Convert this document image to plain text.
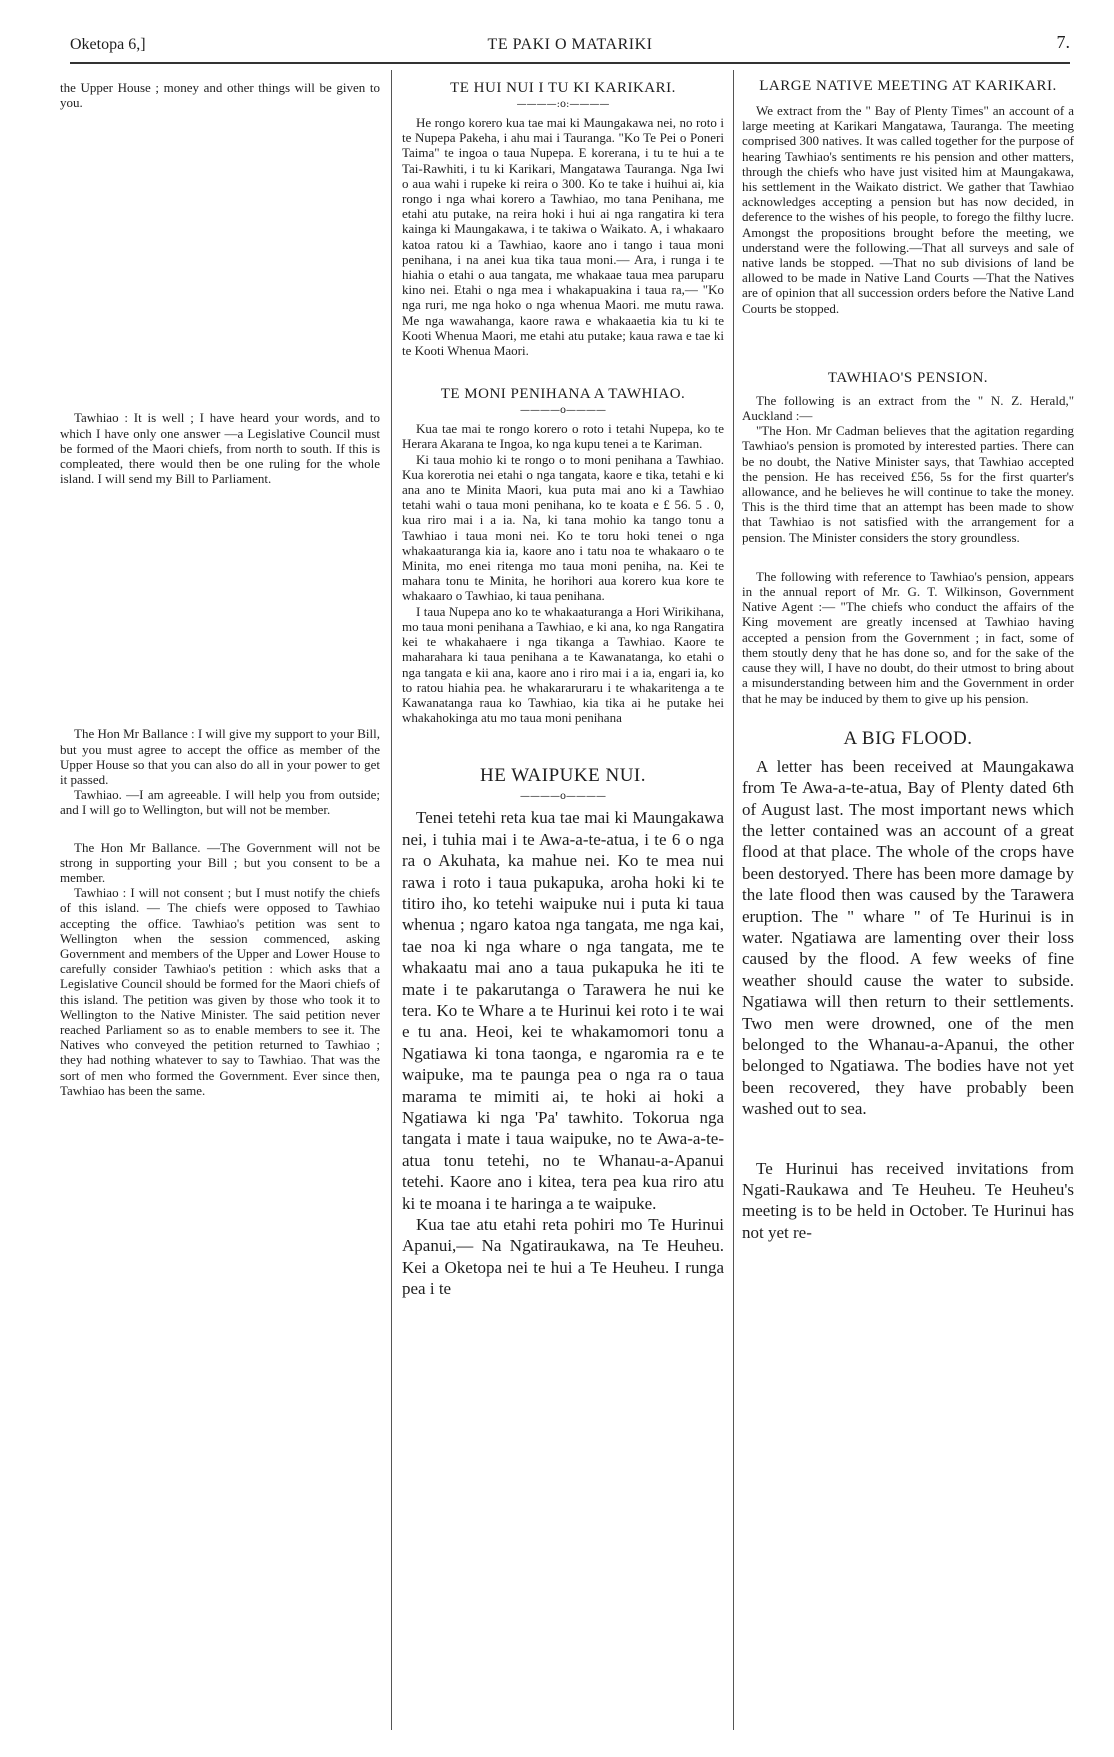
Oketopa 6,]	TE PAKI O MATARIKI	7.

the Upper House ; money and other things will be given to you.

Tawhiao : It is well ; I have heard your words, and to which I have only one answer —a Legislative Council must be formed of the Maori chiefs, from north to south. If this is compleated, there would then be one ruling for the whole island. I will send my Bill to Parliament.

The Hon Mr Ballance : I will give my support to your Bill, but you must agree to accept the office as member of the Upper House so that you can also do all in your power to get it passed.

Tawhiao. —I am agreeable. I will help you from outside; and I will go to Wellington, but will not be member.

The Hon Mr Ballance. —The Government will not be strong in supporting your Bill ; but you consent to be a member.

Tawhiao : I will not consent ; but I must notify the chiefs of this island. — The chiefs were opposed to Tawhiao accepting the office. Tawhiao's petition was sent to Wellington when the session commenced, asking Government and members of the Upper and Lower House to carefully consider Tawhiao's petition : which asks that a Legislative Council should be formed for the Maori chiefs of this island. The petition was given by those who took it to Wellington to the Native Minister. The said petition never reached Parliament so as to enable members to see it. The Natives who conveyed the petition returned to Tawhiao ; they had nothing whatever to say to Tawhiao. That was the sort of men who formed the Government. Ever since then, Tawhiao has been the same.

TE HUI NUI I TU KI KARIKARI.
————:o:————

He rongo korero kua tae mai ki Maungakawa nei, no roto i te Nupepa Pakeha, i ahu mai i Tauranga. "Ko Te Pei o Poneri Taima" te ingoa o taua Nupepa. E korerana, i tu te hui a te Tai-Rawhiti, i tu ki Karikari, Mangatawa Tauranga. Nga Iwi o aua wahi i rupeke ki reira o 300. Ko te take i huihui ai, kia rongo i nga whai korero a Tawhiao, mo tana Penihana, me etahi atu putake, na reira hoki i hui ai nga rangatira ki tera kainga ki Maungakawa, i te takiwa o Waikato. A, i whakaaro katoa ratou ki a Tawhiao, kaore ano i tango i taua moni penihana, i na anei kua tika taua moni.— Ara, i runga i te hiahia o etahi o aua tangata, me whakaae taua mea paruparu kino nei. Etahi o nga mea i whakapuakina i taua ra,— "Ko nga ruri, me nga hoko o nga whenua Maori. me mutu rawa. Me nga wawahanga, kaore rawa e whakaaetia kia tu ki te Kooti Whenua Maori, me etahi atu putake; kaua rawa e tae ki te Kooti Whenua Maori.

TE MONI PENIHANA A TAWHIAO.
————o————

Kua tae mai te rongo korero o roto i tetahi Nupepa, ko te Herara Akarana te Ingoa, ko nga kupu tenei a te Kariman.

Ki taua mohio ki te rongo o to moni penihana a Tawhiao. Kua korerotia nei etahi o nga tangata, kaore e tika, tetahi e ki ana ano te Minita Maori, kua puta mai ano ki a Tawhiao tetahi wahi o taua moni penihana, ko te koata e £ 56. 5 . 0, kua riro mai i a ia. Na, ki tana mohio ka tango tonu a Tawhiao i taua moni nei. Ko te toru hoki tenei o nga whakaaturanga kia ia, kaore ano i tatu noa te whakaaro o te Minita, mo enei ritenga mo taua moni peniha, na. Kei te mahara tonu te Minita, he horihori aua korero kua kore te whakaaro o Tawhiao, ki taua penihana.

I taua Nupepa ano ko te whakaaturanga a Hori Wirikihana, mo taua moni penihana a Tawhiao, e ki ana, ko nga Rangatira kei te whakahaere i nga tikanga a Tawhiao. Kaore te maharahara ki taua penihana a te Kawanatanga, ko etahi o nga tangata e kii ana, kaore ano i riro mai i a ia, engari ia, ko to ratou hiahia pea. he whakararuraru i te whakaritenga a te Kawanatanga raua ko Tawhiao, kia tika ai he putake hei whakahokinga atu mo taua moni penihana

HE WAIPUKE NUI.
————o————

Tenei tetehi reta kua tae mai ki Maungakawa nei, i tuhia mai i te Awa-a-te-atua, i te 6 o nga ra o Akuhata, ka mahue nei. Ko te mea nui rawa i roto i taua pukapuka, aroha hoki ki te titiro iho, ko tetehi waipuke nui i puta ki taua whenua ; ngaro katoa nga tangata, me nga kai, tae noa ki nga whare o nga tangata, me te whakaatu mai ano a taua pukapuka he iti te mate i te pakarutanga o Tarawera he nui ke tera. Ko te Whare a te Hurinui kei roto i te wai e tu ana. Heoi, kei te whakamomori tonu a Ngatiawa ki tona taonga, e ngaromia ra e te waipuke, ma te paunga pea o nga ra o taua marama te mimiti ai, te hoki ai hoki a Ngatiawa ki nga 'Pa' tawhito. Tokorua nga tangata i mate i taua waipuke, no te Awa-a-te-atua tonu tetehi, no te Whanau-a-Apanui tetehi. Kaore ano i kitea, tera pea kua riro atu ki te moana i te haringa a te waipuke.

Kua tae atu etahi reta pohiri mo Te Hurinui Apanui,— Na Ngatiraukawa, na Te Heuheu. Kei a Oketopa nei te hui a Te Heuheu. I runga pea i te

LARGE NATIVE MEETING AT KARIKARI.

We extract from the " Bay of Plenty Times" an account of a large meeting at Karikari Mangatawa, Tauranga. The meeting comprised 300 natives. It was called together for the purpose of hearing Tawhiao's sentiments re his pension and other matters, through the chiefs who have just visited him at Maungakawa, his settlement in the Waikato district. We gather that Tawhiao acknowledges accepting a pension but has now decided, in deference to the wishes of his people, to forego the filthy lucre. Amongst the propositions brought before the meeting, we understand were the following.—That all surveys and sale of native lands be stopped. —That no sub divisions of land be allowed to be made in Native Land Courts —That the Natives are of opinion that all succession orders before the Native Land Courts be stopped.

TAWHIAO'S PENSION.

The following is an extract from the " N. Z. Herald," Auckland :—

"The Hon. Mr Cadman believes that the agitation regarding Tawhiao's pension is promoted by interested parties. There can be no doubt, the Native Minister says, that Tawhiao accepted the pension. He has received £56, 5s for the first quarter's allowance, and he believes he will continue to take the money. This is the third time that an attempt has been made to show that Tawhiao is not satisfied with the arrangement for a pension. The Minister considers the story groundless.

The following with reference to Tawhiao's pension, appears in the annual report of Mr. G. T. Wilkinson, Government Native Agent :— "The chiefs who conduct the affairs of the King movement are greatly incensed at Tawhiao having accepted a pension from the Government ; in fact, some of them stoutly deny that he has done so, and for the sake of the cause they will, I have no doubt, do their utmost to bring about a misunderstanding between him and the Government in order that he may be induced by them to give up his pension.

A BIG FLOOD.

A letter has been received at Maungakawa from Te Awa-a-te-atua, Bay of Plenty dated 6th of August last. The most important news which the letter contained was an account of a great flood at that place. The whole of the crops have been destoryed. There has been more damage by the late flood then was caused by the Tarawera eruption. The " whare " of Te Hurinui is in water. Ngatiawa are lamenting over their loss caused by the flood. A few weeks of fine weather should cause the water to subside. Ngatiawa will then return to their settlements. Two men were drowned, one of the men belonged to the Whanau-a-Apanui, the other belonged to Ngatiawa. The bodies have not yet been recovered, they have probably been washed out to sea.

Te Hurinui has received invitations from Ngati-Raukawa and Te Heuheu. Te Heuheu's meeting is to be held in October. Te Hurinui has not yet re-
